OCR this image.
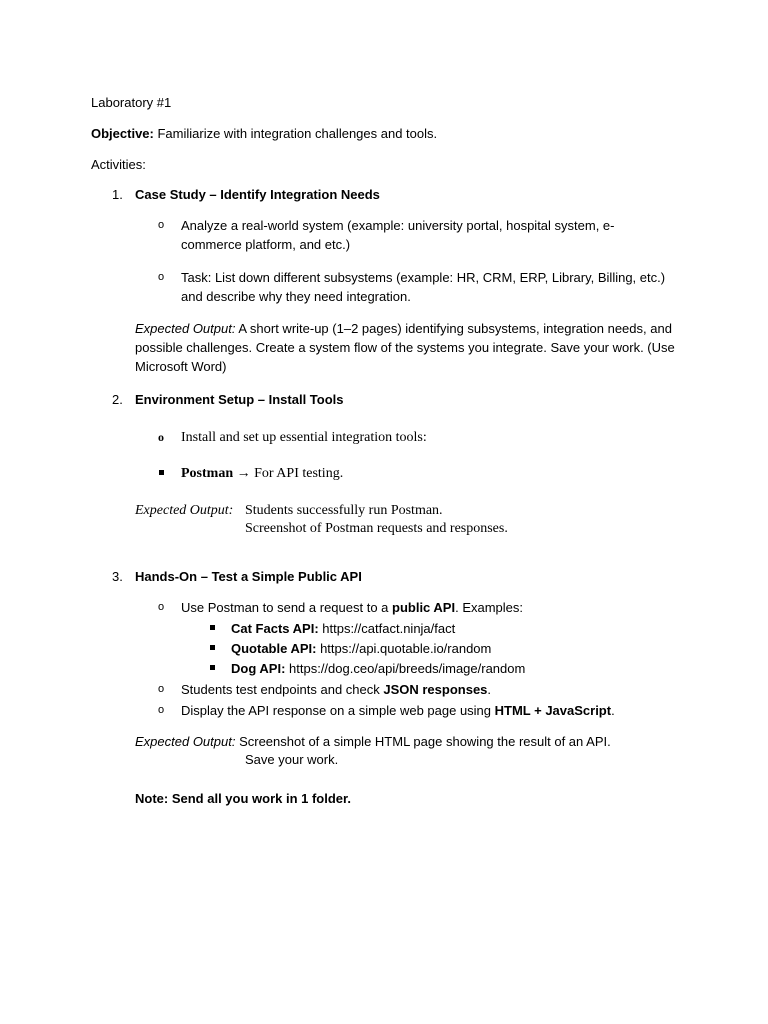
Laboratory #1
Objective: Familiarize with integration challenges and tools.
Activities:
1. Case Study – Identify Integration Needs
o Analyze a real-world system (example: university portal, hospital system, e-commerce platform, and etc.)
o Task: List down different subsystems (example: HR, CRM, ERP, Library, Billing, etc.) and describe why they need integration.
Expected Output: A short write-up (1–2 pages) identifying subsystems, integration needs, and possible challenges. Create a system flow of the systems you integrate. Save your work. (Use Microsoft Word)
2. Environment Setup – Install Tools
o Install and set up essential integration tools:
Postman → For API testing.
Expected Output: Students successfully run Postman.
Screenshot of Postman requests and responses.
3. Hands-On – Test a Simple Public API
o Use Postman to send a request to a public API. Examples:
Cat Facts API: https://catfact.ninja/fact
Quotable API: https://api.quotable.io/random
Dog API: https://dog.ceo/api/breeds/image/random
o Students test endpoints and check JSON responses.
o Display the API response on a simple web page using HTML + JavaScript.
Expected Output: Screenshot of a simple HTML page showing the result of an API.
Save your work.
Note: Send all you work in 1 folder.
